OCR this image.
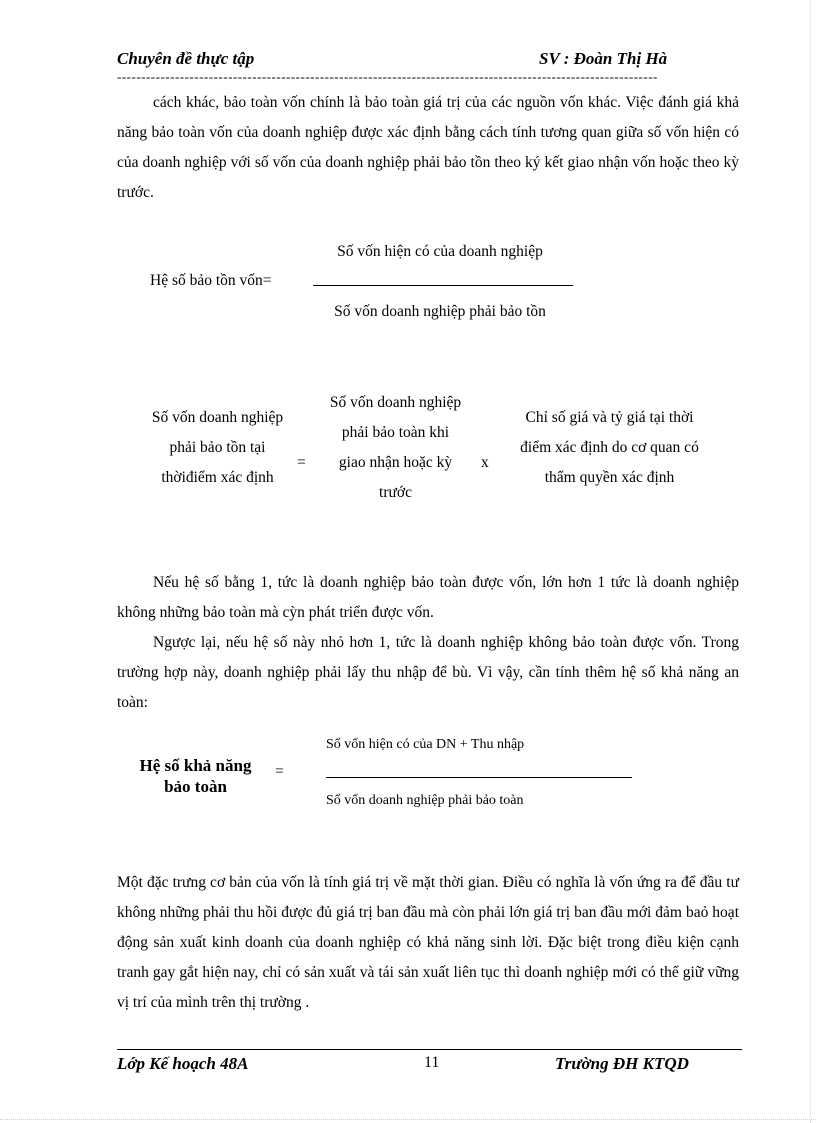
Chuyên đề thực tập	SV : Đoàn Thị Hà
----------------------------------------------------------------------------------------------------------------
cách khác, bảo toàn vốn chính là bảo toàn giá trị của các nguồn vốn khác. Việc đánh giá khả năng bảo toàn vốn của doanh nghiệp được xác định bằng cách tính tương quan giữa số vốn hiện có của doanh nghiệp với số vốn của doanh nghiệp phải bảo tồn theo ký kết giao nhận vốn hoặc theo kỳ trước.
Hệ số bảo tồn vốn=
Số vốn hiện có của doanh nghiệp
Số vốn doanh nghiệp phải bảo tồn
Số vốn doanh nghiệp phải bảo tồn tại thờiđiểm xác định
=
Số vốn doanh nghiệp phải bảo toàn khi giao nhận hoặc kỳ trước
x
Chỉ số giá và tỷ giá tại thời điểm xác định do cơ quan có thẩm quyền xác định
Nếu hệ số bằng 1, tức là doanh nghiệp bảo toàn được vốn, lớn hơn 1 tức là doanh nghiệp không những bảo toàn mà cỳn phát triển được vốn.
Ngược lại, nếu hệ số này nhỏ hơn 1, tức là doanh nghiệp không bảo toàn được vốn. Trong trường hợp này, doanh nghiệp phải lấy thu nhập để bù. Vì vậy, cần tính thêm hệ số khả năng an toàn:
Hệ số khả năng bảo toàn
=
Số vốn hiện có của DN + Thu nhập
Số vốn doanh nghiệp phải bảo toàn
Một đặc trưng cơ bản của vốn là tính giá trị về mặt thời gian. Điều có nghĩa là vốn ứng ra để đầu tư không những phải thu hồi được đủ giá trị ban đầu mà còn phải lớn giá trị ban đầu mới đảm baỏ hoạt động sản xuất kinh doanh của doanh nghiệp có khả năng sinh lời. Đặc biệt trong điều kiện cạnh tranh gay gắt hiện nay, chỉ có sản xuất và tái sản xuất liên tục thì doanh nghiệp mới có thể giữ vững vị trí của mình trên thị trường .
Lớp Kế hoạch 48A	11	Trường ĐH KTQD
